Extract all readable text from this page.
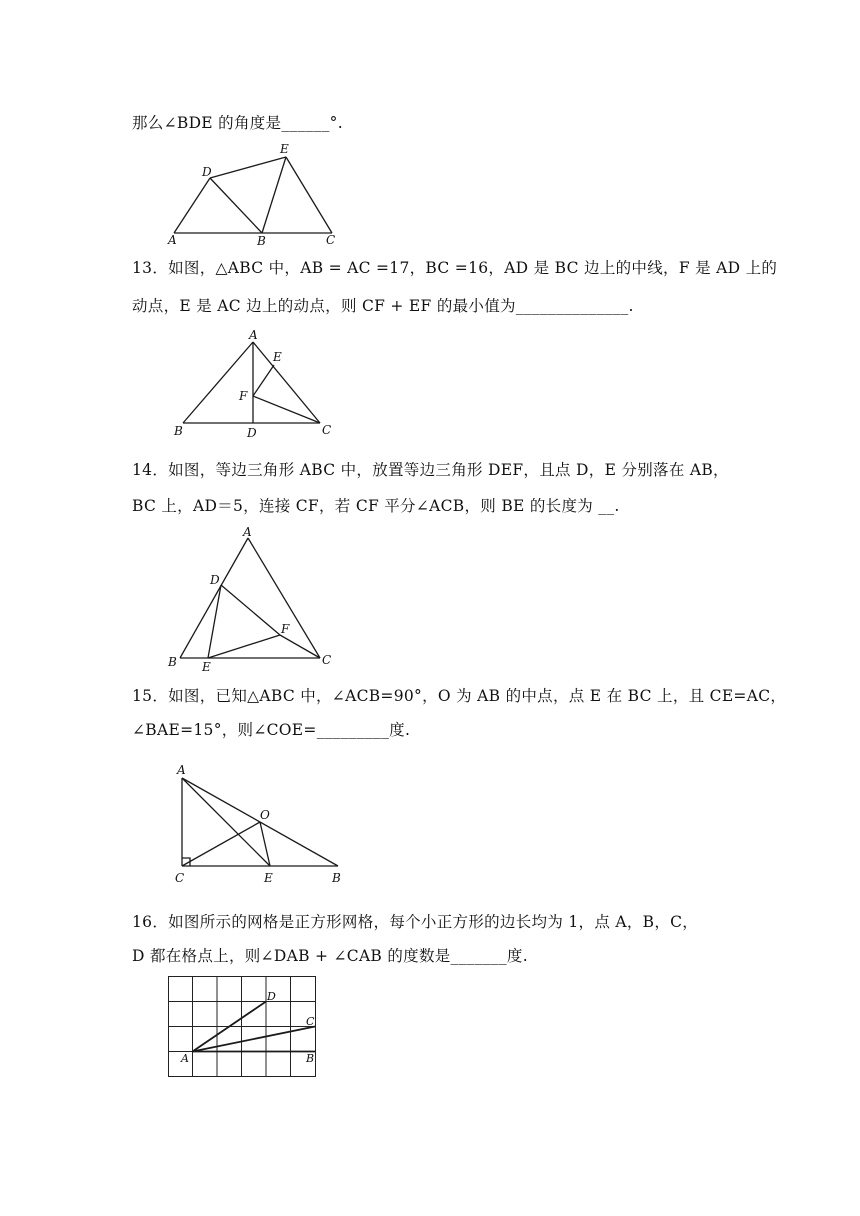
那么∠BDE 的角度是______°.
D
E
A	B	C
13．如图，△ABC 中，AB = AC =17，BC =16，AD 是 BC 边上的中线，F 是 AD 上的
动点，E 是 AC 边上的动点，则 CF + EF 的最小值为______________.
A
E
F
B	D	C
14．如图，等边三角形 ABC 中，放置等边三角形 DEF，且点 D，E 分别落在 AB，
BC 上，AD＝5，连接 CF，若 CF 平分∠ACB，则 BE 的长度为 __.
A
D
F
B E	C
15．如图，已知△ABC 中，∠ACB=90°，O 为 AB 的中点，点 E 在 BC 上，且 CE=AC，
∠BAE=15°，则∠COE=_________度.
A
O
C	E	B
16．如图所示的网格是正方形网格，每个小正方形的边长均为 1，点 A，B，C，
D 都在格点上，则∠DAB + ∠CAB 的度数是_______度.
D
C
A	B
